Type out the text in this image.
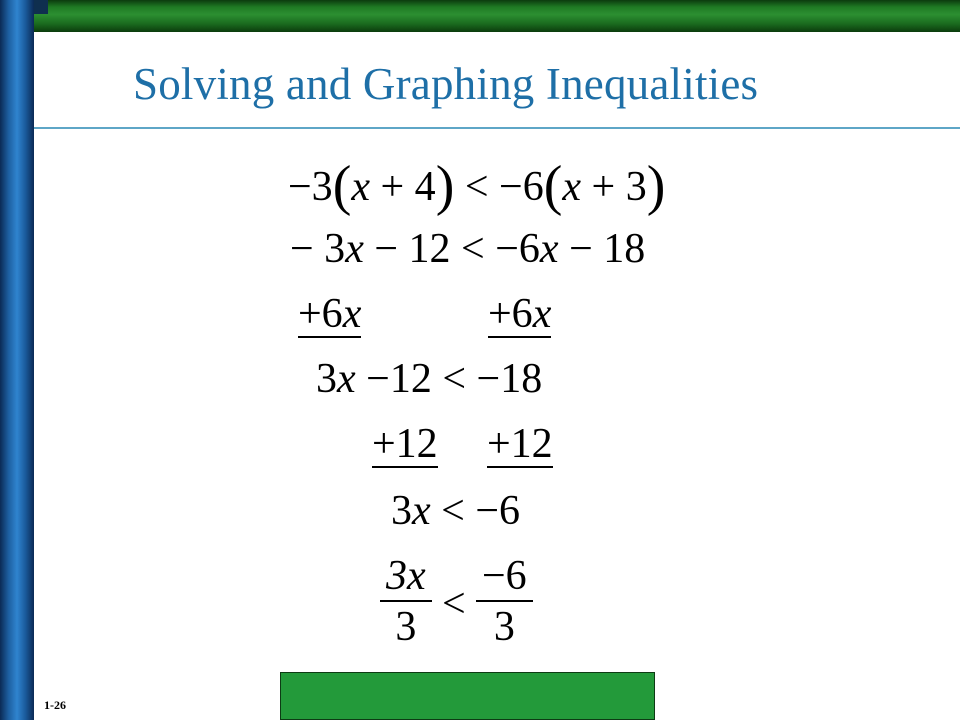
Solving and Graphing Inequalities
−3(x + 4) < −6(x + 3)
− 3x − 12 < −6x − 18
+6x	+6x
3x −12 < −18
+12 +12
3x < −6
3x
3
<
−6
3
1-26
